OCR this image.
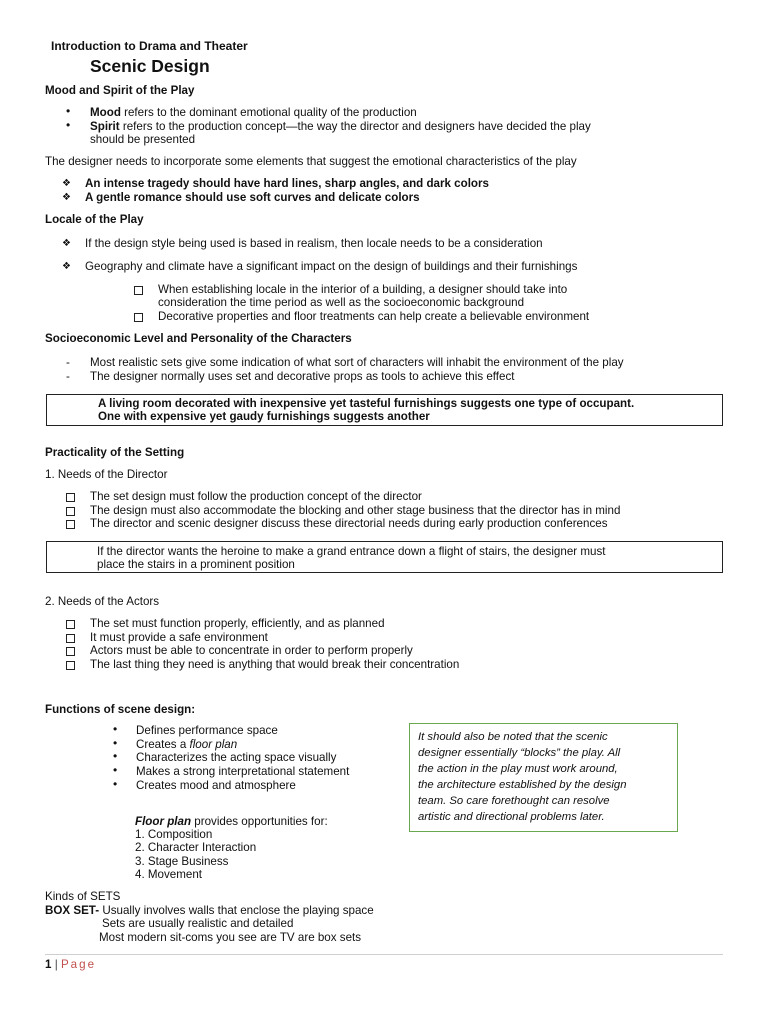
Introduction to Drama and Theater
Scenic Design
Mood and Spirit of the Play
• Mood refers to the dominant emotional quality of the production
• Spirit refers to the production concept—the way the director and designers have decided the play
should be presented
The designer needs to incorporate some elements that suggest the emotional characteristics of the play
❖ An intense tragedy should have hard lines, sharp angles, and dark colors
❖ A gentle romance should use soft curves and delicate colors
Locale of the Play
❖ If the design style being used is based in realism, then locale needs to be a consideration
❖ Geography and climate have a significant impact on the design of buildings and their furnishings
When establishing locale in the interior of a building, a designer should take into
consideration the time period as well as the socioeconomic background
Decorative properties and floor treatments can help create a believable environment
Socioeconomic Level and Personality of the Characters
- Most realistic sets give some indication of what sort of characters will inhabit the environment of the play
- The designer normally uses set and decorative props as tools to achieve this effect
A living room decorated with inexpensive yet tasteful furnishings suggests one type of occupant.
One with expensive yet gaudy furnishings suggests another
Practicality of the Setting
1. Needs of the Director
The set design must follow the production concept of the director
The design must also accommodate the blocking and other stage business that the director has in mind
The director and scenic designer discuss these directorial needs during early production conferences
If the director wants the heroine to make a grand entrance down a flight of stairs, the designer must
place the stairs in a prominent position
2. Needs of the Actors
The set must function properly, efficiently, and as planned
It must provide a safe environment
Actors must be able to concentrate in order to perform properly
The last thing they need is anything that would break their concentration
Functions of scene design:
• Defines performance space
• Creates a floor plan
• Characterizes the acting space visually
• Makes a strong interpretational statement
• Creates mood and atmosphere
Floor plan provides opportunities for:
1. Composition
2. Character Interaction
3. Stage Business
4. Movement
It should also be noted that the scenic
designer essentially “blocks” the play. All
the action in the play must work around,
the architecture established by the design
team. So care forethought can resolve
artistic and directional problems later.
Kinds of SETS
BOX SET- Usually involves walls that enclose the playing space
Sets are usually realistic and detailed
Most modern sit-coms you see are TV are box sets
1 | Page
